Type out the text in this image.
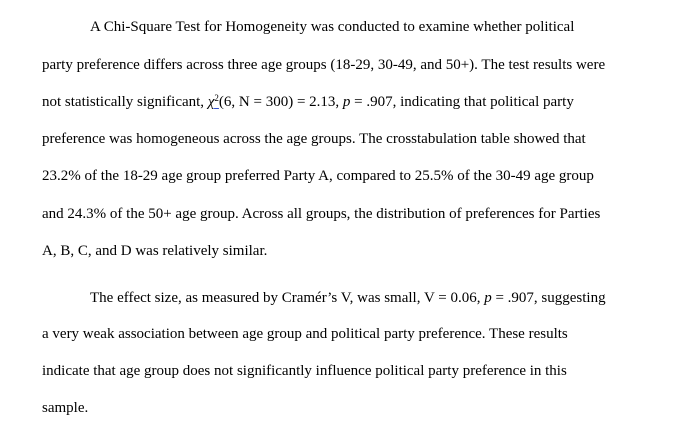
A Chi-Square Test for Homogeneity was conducted to examine whether political
party preference differs across three age groups (18-29, 30-49, and 50+). The test results were
not statistically significant, $\chi^2(6$, N = 300) = 2.13, p = .907, indicating that political party
preference was homogeneous across the age groups. The crosstabulation table showed that
23.2% of the 18-29 age group preferred Party A, compared to 25.5% of the 30-49 age group
and 24.3% of the 50+ age group. Across all groups, the distribution of preferences for Parties
A, B, C, and D was relatively similar.
The effect size, as measured by Cramér’s V, was small, V = 0.06, p = .907, suggesting
a very weak association between age group and political party preference. These results
indicate that age group does not significantly influence political party preference in this
sample.
